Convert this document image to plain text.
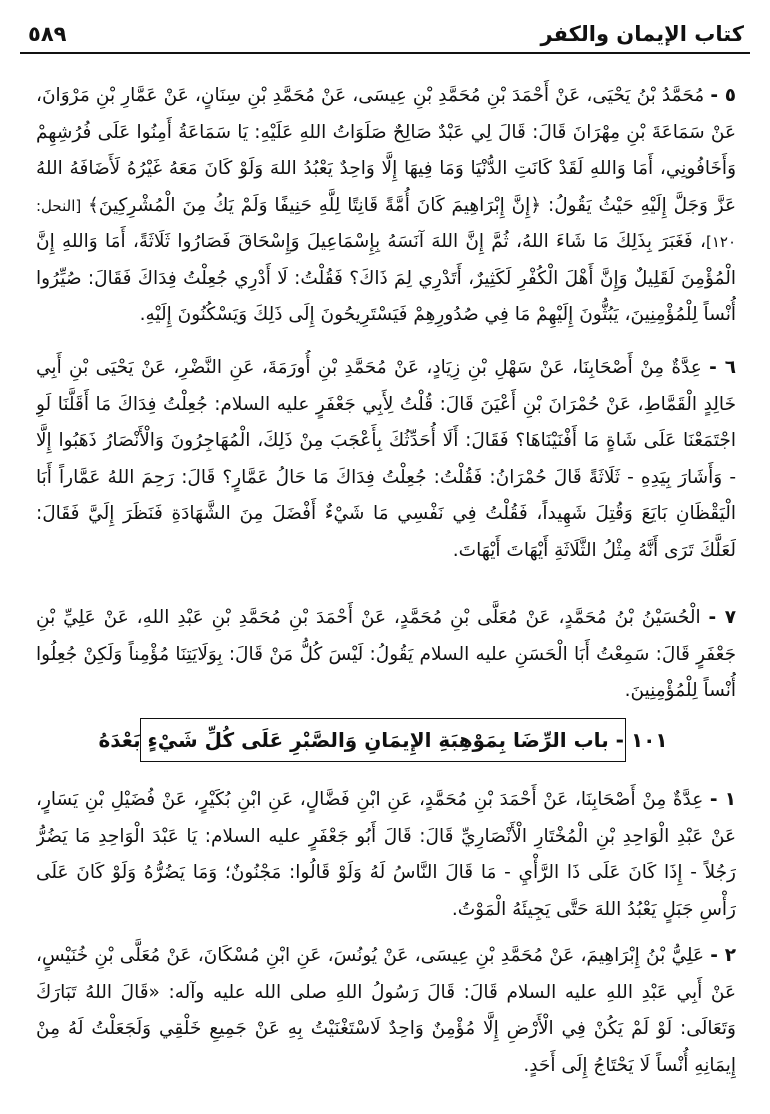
كتاب الإيمان والكفر
٥٨٩

٥ - مُحَمَّدُ بْنُ يَحْيَى، عَنْ أَحْمَدَ بْنِ مُحَمَّدِ بْنِ عِيسَى، عَنْ مُحَمَّدِ بْنِ سِنَانٍ، عَنْ عَمَّارِ بْنِ مَرْوَانَ، عَنْ سَمَاعَةَ بْنِ مِهْرَانَ قَالَ: قَالَ لِي عَبْدٌ صَالِحٌ صَلَوَاتُ اللهِ عَلَيْهِ: يَا سَمَاعَةُ أَمِنُوا عَلَى فُرُشِهِمْ وَأَخَافُونِي، أَمَا وَاللهِ لَقَدْ كَانَتِ الدُّنْيَا وَمَا فِيهَا إِلَّا وَاحِدٌ يَعْبُدُ اللهَ وَلَوْ كَانَ مَعَهُ غَيْرُهُ لَأَضَافَهُ اللهُ عَزَّ وَجَلَّ إِلَيْهِ حَيْثُ يَقُولُ: ﴿إِنَّ إِبْرَاهِيمَ كَانَ أُمَّةً قَانِتًا لِلَّهِ حَنِيفًا وَلَمْ يَكُ مِنَ الْمُشْرِكِينَ﴾ [النحل: ١٢٠]، فَغَبَرَ بِذَلِكَ مَا شَاءَ اللهُ، ثُمَّ إِنَّ اللهَ آنَسَهُ بِإِسْمَاعِيلَ وَإِسْحَاقَ فَصَارُوا ثَلَاثَةً، أَمَا وَاللهِ إِنَّ الْمُؤْمِنَ لَقَلِيلٌ وَإِنَّ أَهْلَ الْكُفْرِ لَكَثِيرٌ، أَتَدْرِي لِمَ ذَاكَ؟ فَقُلْتُ: لَا أَدْرِي جُعِلْتُ فِدَاكَ فَقَالَ: صُيِّرُوا أُنْساً لِلْمُؤْمِنِينَ، يَبُثُّونَ إِلَيْهِمْ مَا فِي صُدُورِهِمْ فَيَسْتَرِيحُونَ إِلَى ذَلِكَ وَيَسْكُنُونَ إِلَيْهِ.

٦ - عِدَّةٌ مِنْ أَصْحَابِنَا، عَنْ سَهْلِ بْنِ زِيَادٍ، عَنْ مُحَمَّدِ بْنِ أُورَمَةَ، عَنِ النَّضْرِ، عَنْ يَحْيَى بْنِ أَبِي خَالِدٍ الْقَمَّاطِ، عَنْ حُمْرَانَ بْنِ أَعْيَنَ قَالَ: قُلْتُ لِأَبِي جَعْفَرٍ عليه السلام: جُعِلْتُ فِدَاكَ مَا أَقَلَّنَا لَوِ اجْتَمَعْنَا عَلَى شَاةٍ مَا أَفْنَيْنَاهَا؟ فَقَالَ: أَلَا أُحَدِّثُكَ بِأَعْجَبَ مِنْ ذَلِكَ، الْمُهَاجِرُونَ وَالْأَنْصَارُ ذَهَبُوا إِلَّا - وَأَشَارَ بِيَدِهِ - ثَلَاثَةً قَالَ حُمْرَانُ: فَقُلْتُ: جُعِلْتُ فِدَاكَ مَا حَالُ عَمَّارٍ؟ قَالَ: رَحِمَ اللهُ عَمَّاراً أَبَا الْيَقْظَانِ بَايَعَ وَقُتِلَ شَهِيداً، فَقُلْتُ فِي نَفْسِي مَا شَيْءٌ أَفْضَلَ مِنَ الشَّهَادَةِ فَنَظَرَ إِلَيَّ فَقَالَ: لَعَلَّكَ تَرَى أَنَّهُ مِثْلُ الثَّلَاثَةِ أَيْهَاتَ أَيْهَاتَ.

٧ - الْحُسَيْنُ بْنُ مُحَمَّدٍ، عَنْ مُعَلَّى بْنِ مُحَمَّدٍ، عَنْ أَحْمَدَ بْنِ مُحَمَّدِ بْنِ عَبْدِ اللهِ، عَنْ عَلِيِّ بْنِ جَعْفَرٍ قَالَ: سَمِعْتُ أَبَا الْحَسَنِ عليه السلام يَقُولُ: لَيْسَ كُلُّ مَنْ قَالَ: بِوَلَايَتِنَا مُؤْمِناً وَلَكِنْ جُعِلُوا أُنْساً لِلْمُؤْمِنِينَ.

١٠١ - باب الرِّضَا بِمَوْهِبَةِ الإِيمَانِ وَالصَّبْرِ عَلَى كُلِّ شَيْءٍ بَعْدَهُ

١ - عِدَّةٌ مِنْ أَصْحَابِنَا، عَنْ أَحْمَدَ بْنِ مُحَمَّدٍ، عَنِ ابْنِ فَضَّالٍ، عَنِ ابْنِ بُكَيْرٍ، عَنْ فُضَيْلِ بْنِ يَسَارٍ، عَنْ عَبْدِ الْوَاحِدِ بْنِ الْمُخْتَارِ الْأَنْصَارِيِّ قَالَ: قَالَ أَبُو جَعْفَرٍ عليه السلام: يَا عَبْدَ الْوَاحِدِ مَا يَضُرُّ رَجُلاً - إِذَا كَانَ عَلَى ذَا الرَّأْيِ - مَا قَالَ النَّاسُ لَهُ وَلَوْ قَالُوا: مَجْنُونٌ؛ وَمَا يَضُرُّهُ وَلَوْ كَانَ عَلَى رَأْسِ جَبَلٍ يَعْبُدُ اللهَ حَتَّى يَجِيئَهُ الْمَوْتُ.

٢ - عَلِيُّ بْنُ إِبْرَاهِيمَ، عَنْ مُحَمَّدِ بْنِ عِيسَى، عَنْ يُونُسَ، عَنِ ابْنِ مُسْكَانَ، عَنْ مُعَلَّى بْنِ خُنَيْسٍ، عَنْ أَبِي عَبْدِ اللهِ عليه السلام قَالَ: قَالَ رَسُولُ اللهِ صلى الله عليه وآله: «قَالَ اللهُ تَبَارَكَ وَتَعَالَى: لَوْ لَمْ يَكُنْ فِي الْأَرْضِ إِلَّا مُؤْمِنٌ وَاحِدٌ لَاسْتَغْنَيْتُ بِهِ عَنْ جَمِيعِ خَلْقِي وَلَجَعَلْتُ لَهُ مِنْ إِيمَانِهِ أُنْساً لَا يَحْتَاجُ إِلَى أَحَدٍ.
